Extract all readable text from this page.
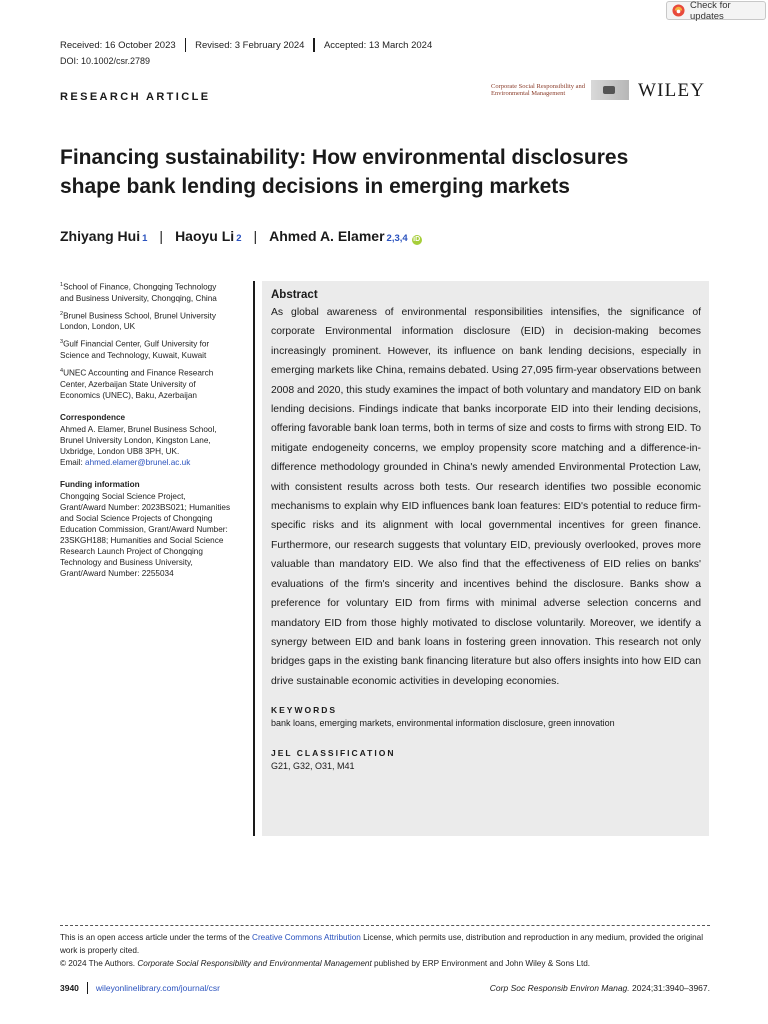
Check for updates
Received: 16 October 2023 Revised: 3 February 2024 Accepted: 13 March 2024
DOI: 10.1002/csr.2789
RESEARCH ARTICLE
Corporate Social Responsibility and
Environmental Management	WILEY
Financing sustainability: How environmental disclosures shape bank lending decisions in emerging markets
Zhiyang Hui 1 | Haoyu Li 2 | Ahmed A. Elamer 2,3,4 iD
$^1$School of Finance, Chongqing Technology and Business University, Chongqing, China
$^2$Brunel Business School, Brunel University London, London, UK
$^3$Gulf Financial Center, Gulf University for Science and Technology, Kuwait, Kuwait
$^4$UNEC Accounting and Finance Research Center, Azerbaijan State University of Economics (UNEC), Baku, Azerbaijan
Correspondence

Ahmed A. Elamer, Brunel Business School, Brunel University London, Kingston Lane, Uxbridge, London UB8 3PH, UK.

Email: ahmed.elamer@brunel.ac.uk

Funding information

Chongqing Social Science Project, Grant/Award Number: 2023BS021; Humanities and Social Science Projects of Chongqing Education Commission, Grant/Award Number: 23SKGH188; Humanities and Social Science Research Launch Project of Chongqing Technology and Business University, Grant/Award Number: 2255034

Abstract
As global awareness of environmental responsibilities intensifies, the significance of corporate Environmental information disclosure (EID) in decision-making becomes increasingly prominent. However, its influence on bank lending decisions, especially in emerging markets like China, remains debated. Using 27,095 firm-year observations between 2008 and 2020, this study examines the impact of both voluntary and mandatory EID on bank lending decisions. Findings indicate that banks incorporate EID into their lending decisions, offering favorable bank loan terms, both in terms of size and costs to firms with strong EID. To mitigate endogeneity concerns, we employ propensity score matching and a difference-in-difference methodology grounded in China's newly amended Environmental Protection Law, with consistent results across both tests. Our research identifies two possible economic mechanisms to explain why EID influences bank loan features: EID's potential to reduce firm-specific risks and its alignment with local governmental incentives for green finance. Furthermore, our research suggests that voluntary EID, previously overlooked, proves more valuable than mandatory EID. We also find that the effectiveness of EID relies on banks' evaluations of the firm's sincerity and incentives behind the disclosure. Banks show a preference for voluntary EID from firms with minimal adverse selection concerns and mandatory EID from those highly motivated to disclose voluntarily. Moreover, we identify a synergy between EID and bank loans in fostering green innovation. This research not only bridges gaps in the existing bank financing literature but also offers insights into how EID can drive sustainable economic activities in developing economies.
KEYWORDS
bank loans, emerging markets, environmental information disclosure, green innovation
JEL CLASSIFICATION
G21, G32, O31, M41
This is an open access article under the terms of the Creative Commons Attribution License, which permits use, distribution and reproduction in any medium, provided the original work is properly cited.
© 2024 The Authors. Corporate Social Responsibility and Environmental Management published by ERP Environment and John Wiley & Sons Ltd.
3940 wileyonlinelibrary.com/journal/csr	Corp Soc Responsib Environ Manag. 2024;31:3940–3967.
